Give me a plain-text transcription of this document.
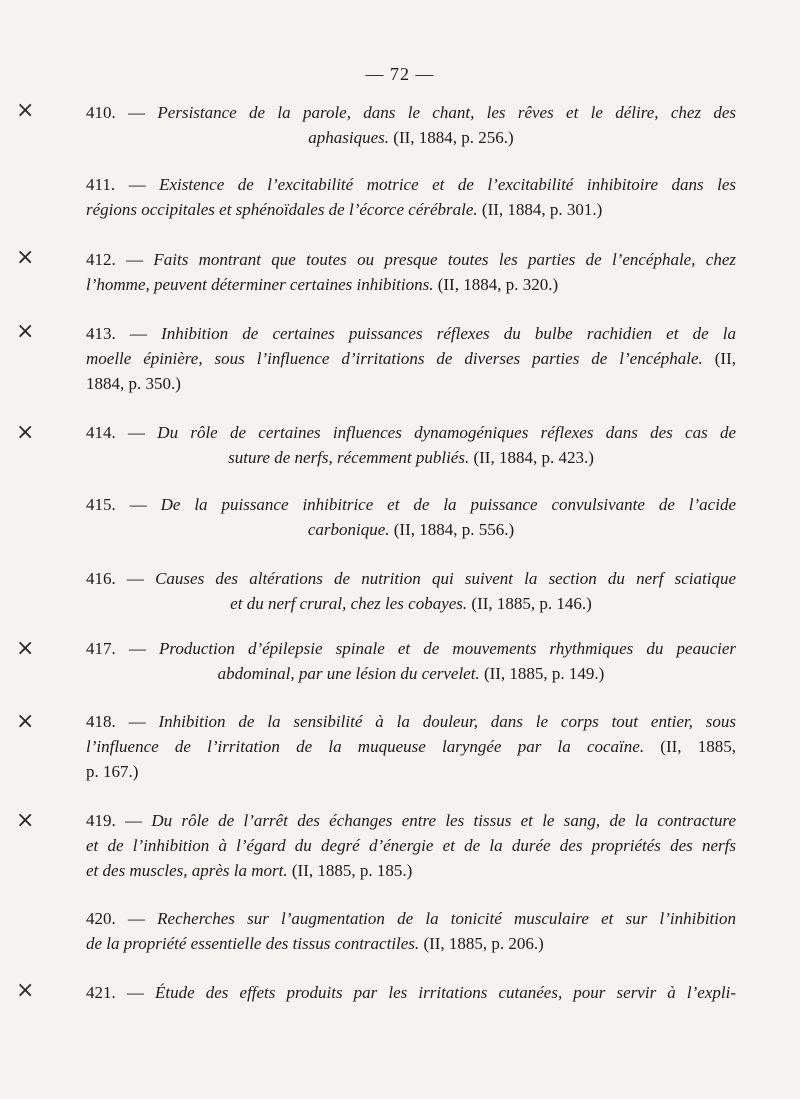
— 72 —
×	410. — Persistance de la parole, dans le chant, les rêves et le délire, chez des
aphasiques. (II, 1884, p. 256.)
411. — Existence de l’excitabilité motrice et de l’excitabilité inhibitoire dans les
régions occipitales et sphénoïdales de l’écorce cérébrale. (II, 1884, p. 301.)
×	412. — Faits montrant que toutes ou presque toutes les parties de l’encéphale, chez
l’homme, peuvent déterminer certaines inhibitions. (II, 1884, p. 320.)
×	413. — Inhibition de certaines puissances réflexes du bulbe rachidien et de la
moelle épinière, sous l’influence d’irritations de diverses parties de l’encéphale. (II,
1884, p. 350.)
×	414. — Du rôle de certaines influences dynamogéniques réflexes dans des cas de
suture de nerfs, récemment publiés. (II, 1884, p. 423.)
415. — De la puissance inhibitrice et de la puissance convulsivante de l’acide
carbonique. (II, 1884, p. 556.)
416. — Causes des altérations de nutrition qui suivent la section du nerf sciatique
et du nerf crural, chez les cobayes. (II, 1885, p. 146.)
×	417. — Production d’épilepsie spinale et de mouvements rhythmiques du peaucier
abdominal, par une lésion du cervelet. (II, 1885, p. 149.)
×	418. — Inhibition de la sensibilité à la douleur, dans le corps tout entier, sous
l’influence de l’irritation de la muqueuse laryngée par la cocaïne. (II, 1885,
p. 167.)
×	419. — Du rôle de l’arrêt des échanges entre les tissus et le sang, de la contracture
et de l’inhibition à l’égard du degré d’énergie et de la durée des propriétés des nerfs
et des muscles, après la mort. (II, 1885, p. 185.)
420. — Recherches sur l’augmentation de la tonicité musculaire et sur l’inhibition
de la propriété essentielle des tissus contractiles. (II, 1885, p. 206.)
×	421. — Étude des effets produits par les irritations cutanées, pour servir à l’expli-
